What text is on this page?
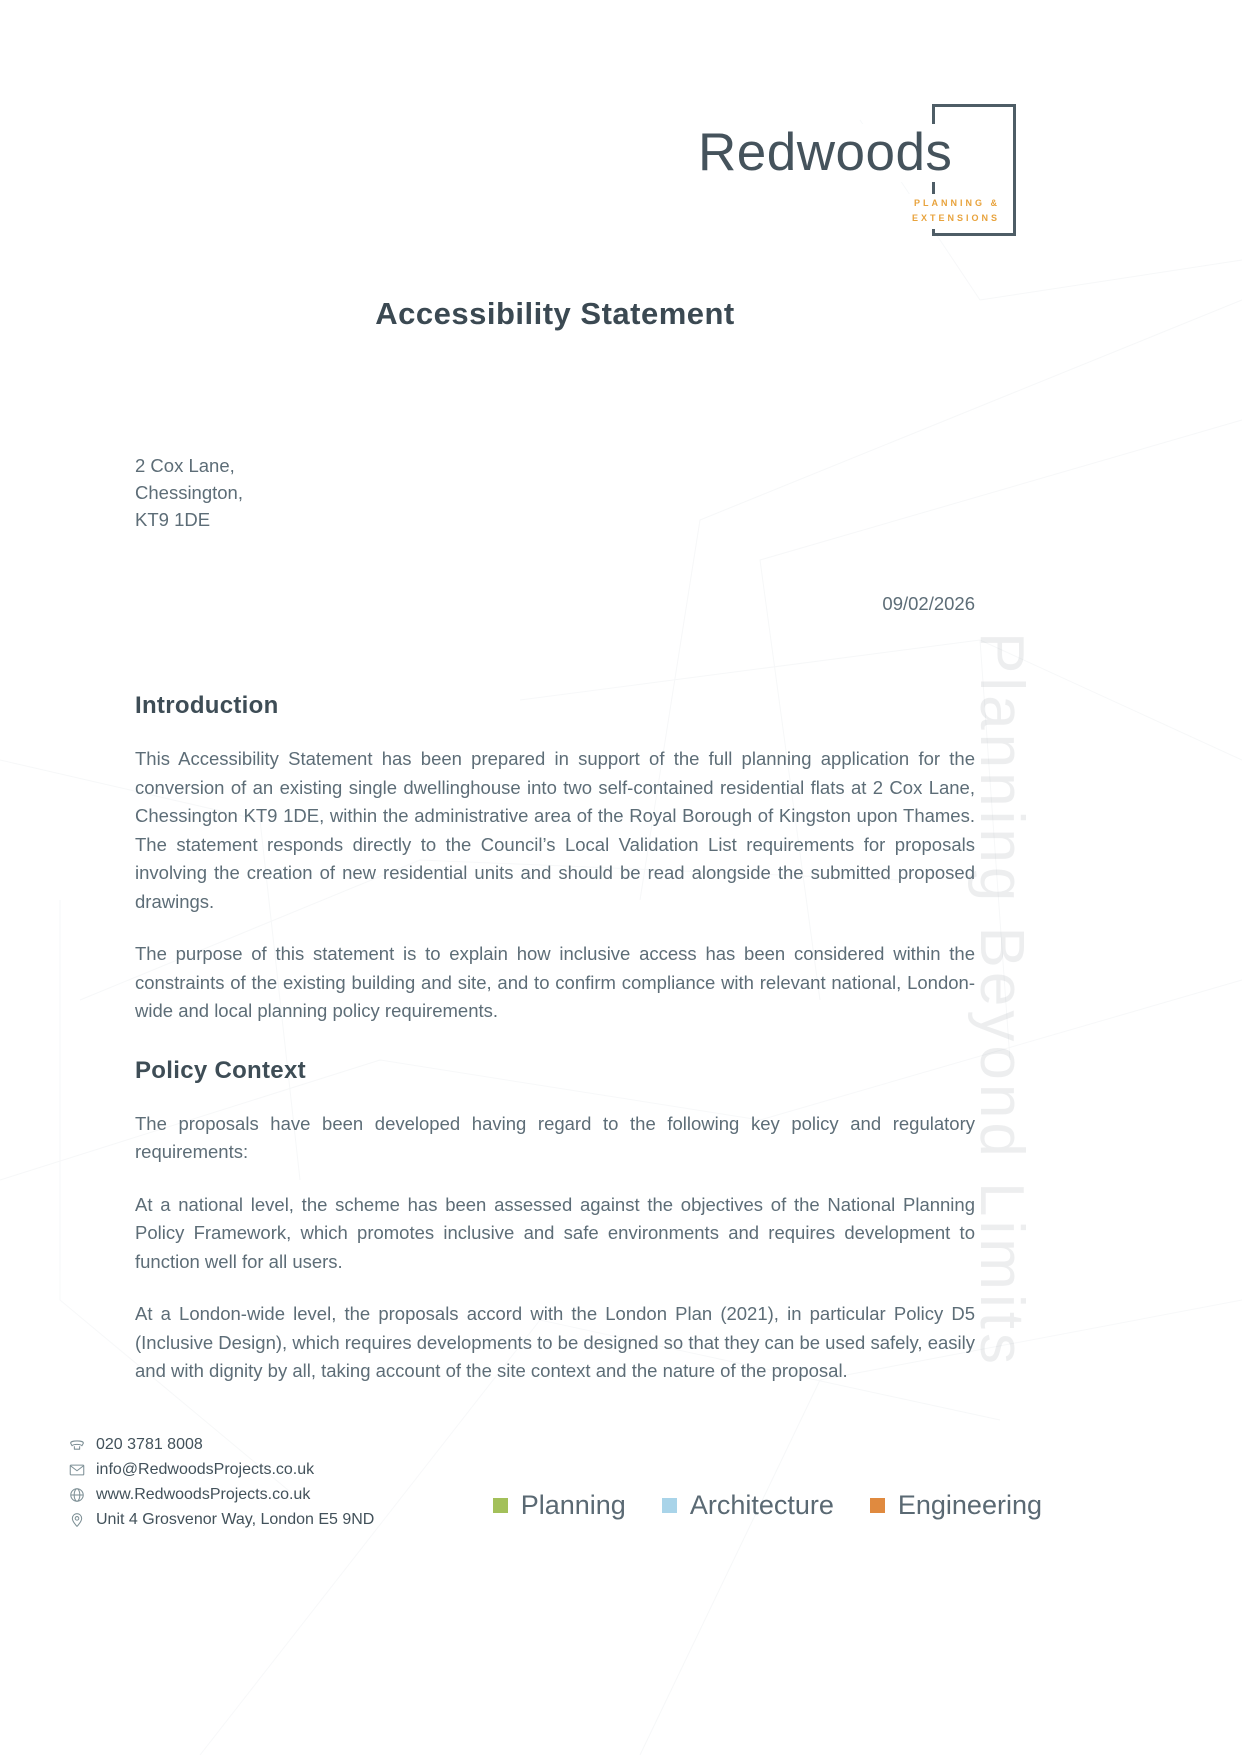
Planning Beyond Limits
Redwoods
PLANNING &
EXTENSIONS
Accessibility Statement
2 Cox Lane,
Chessington,
KT9 1DE
09/02/2026
Introduction

This Accessibility Statement has been prepared in support of the full planning application for the conversion of an existing single dwellinghouse into two self-contained residential flats at 2 Cox Lane, Chessington KT9 1DE, within the administrative area of the Royal Borough of Kingston upon Thames. The statement responds directly to the Council’s Local Validation List requirements for proposals involving the creation of new residential units and should be read alongside the submitted proposed drawings.

The purpose of this statement is to explain how inclusive access has been considered within the constraints of the existing building and site, and to confirm compliance with relevant national, London-wide and local planning policy requirements.

Policy Context

The proposals have been developed having regard to the following key policy and regulatory requirements:

At a national level, the scheme has been assessed against the objectives of the National Planning Policy Framework, which promotes inclusive and safe environments and requires development to function well for all users.

At a London-wide level, the proposals accord with the London Plan (2021), in particular Policy D5 (Inclusive Design), which requires developments to be designed so that they can be used safely, easily and with dignity by all, taking account of the site context and the nature of the proposal.

020 3781 8008
info@RedwoodsProjects.co.uk
www.RedwoodsProjects.co.uk
Unit 4 Grosvenor Way, London E5 9ND	Planning Architecture Engineering
